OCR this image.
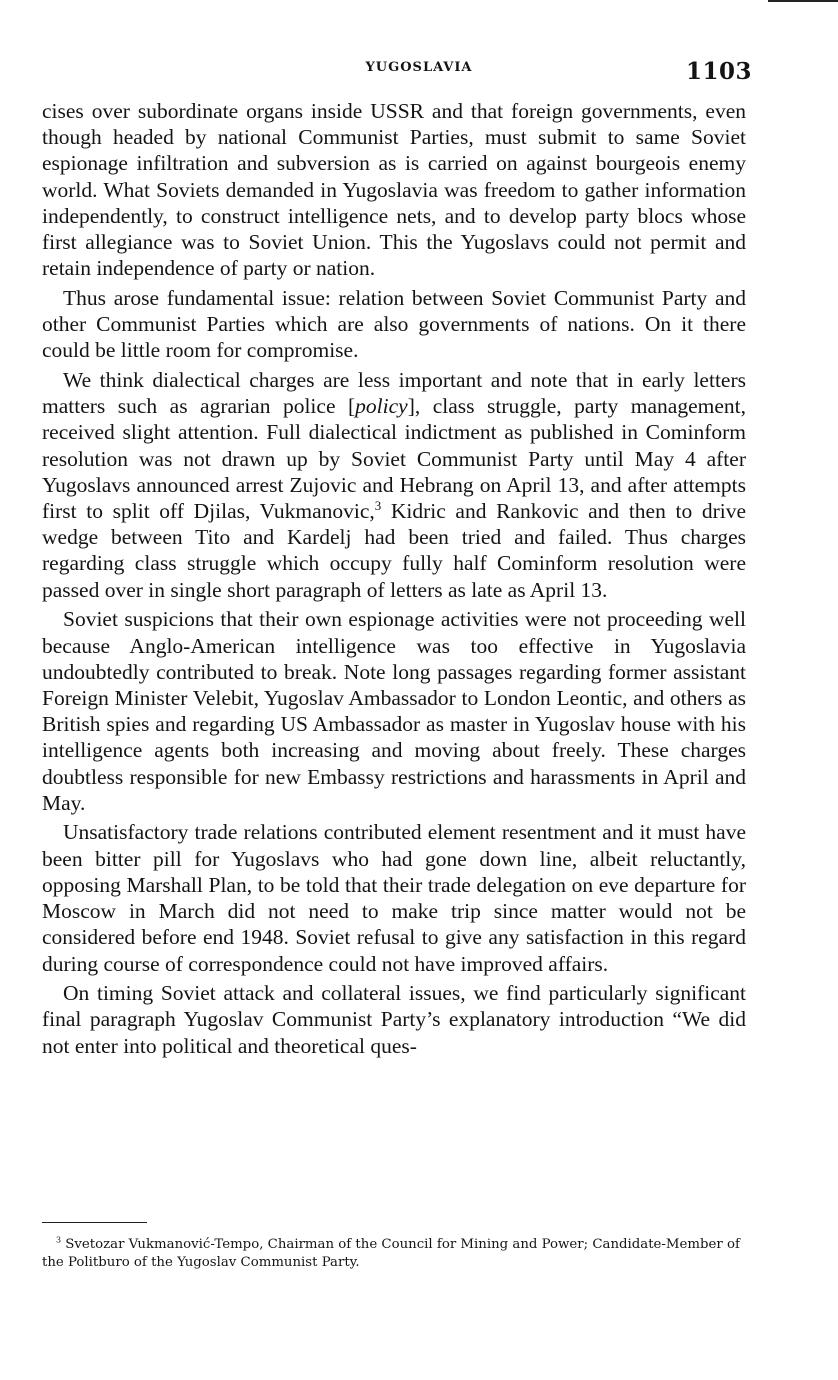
YUGOSLAVIA	1103

cises over subordinate organs inside USSR and that foreign governments, even though headed by national Communist Parties, must submit to same Soviet espionage infiltration and subversion as is carried on against bourgeois enemy world. What Soviets demanded in Yugoslavia was freedom to gather information independently, to construct intelligence nets, and to develop party blocs whose first allegiance was to Soviet Union. This the Yugoslavs could not permit and retain independence of party or nation.

Thus arose fundamental issue: relation between Soviet Communist Party and other Communist Parties which are also governments of nations. On it there could be little room for compromise.

We think dialectical charges are less important and note that in early letters matters such as agrarian police [policy], class struggle, party management, received slight attention. Full dialectical indictment as published in Cominform resolution was not drawn up by Soviet Communist Party until May 4 after Yugoslavs announced arrest Zujovic and Hebrang on April 13, and after attempts first to split off Djilas, Vukmanovic,$^3$ Kidric and Rankovic and then to drive wedge between Tito and Kardelj had been tried and failed. Thus charges regarding class struggle which occupy fully half Cominform resolution were passed over in single short paragraph of letters as late as April 13.

Soviet suspicions that their own espionage activities were not proceeding well because Anglo-American intelligence was too effective in Yugoslavia undoubtedly contributed to break. Note long passages regarding former assistant Foreign Minister Velebit, Yugoslav Ambassador to London Leontic, and others as British spies and regarding US Ambassador as master in Yugoslav house with his intelligence agents both increasing and moving about freely. These charges doubtless responsible for new Embassy restrictions and harassments in April and May.

Unsatisfactory trade relations contributed element resentment and it must have been bitter pill for Yugoslavs who had gone down line, albeit reluctantly, opposing Marshall Plan, to be told that their trade delegation on eve departure for Moscow in March did not need to make trip since matter would not be considered before end 1948. Soviet refusal to give any satisfaction in this regard during course of correspondence could not have improved affairs.

On timing Soviet attack and collateral issues, we find particularly significant final paragraph Yugoslav Communist Party’s explanatory introduction “We did not enter into political and theoretical ques-

$^3$ Svetozar Vukmanović-Tempo, Chairman of the Council for Mining and Power; Candidate-Member of the Politburo of the Yugoslav Communist Party.
